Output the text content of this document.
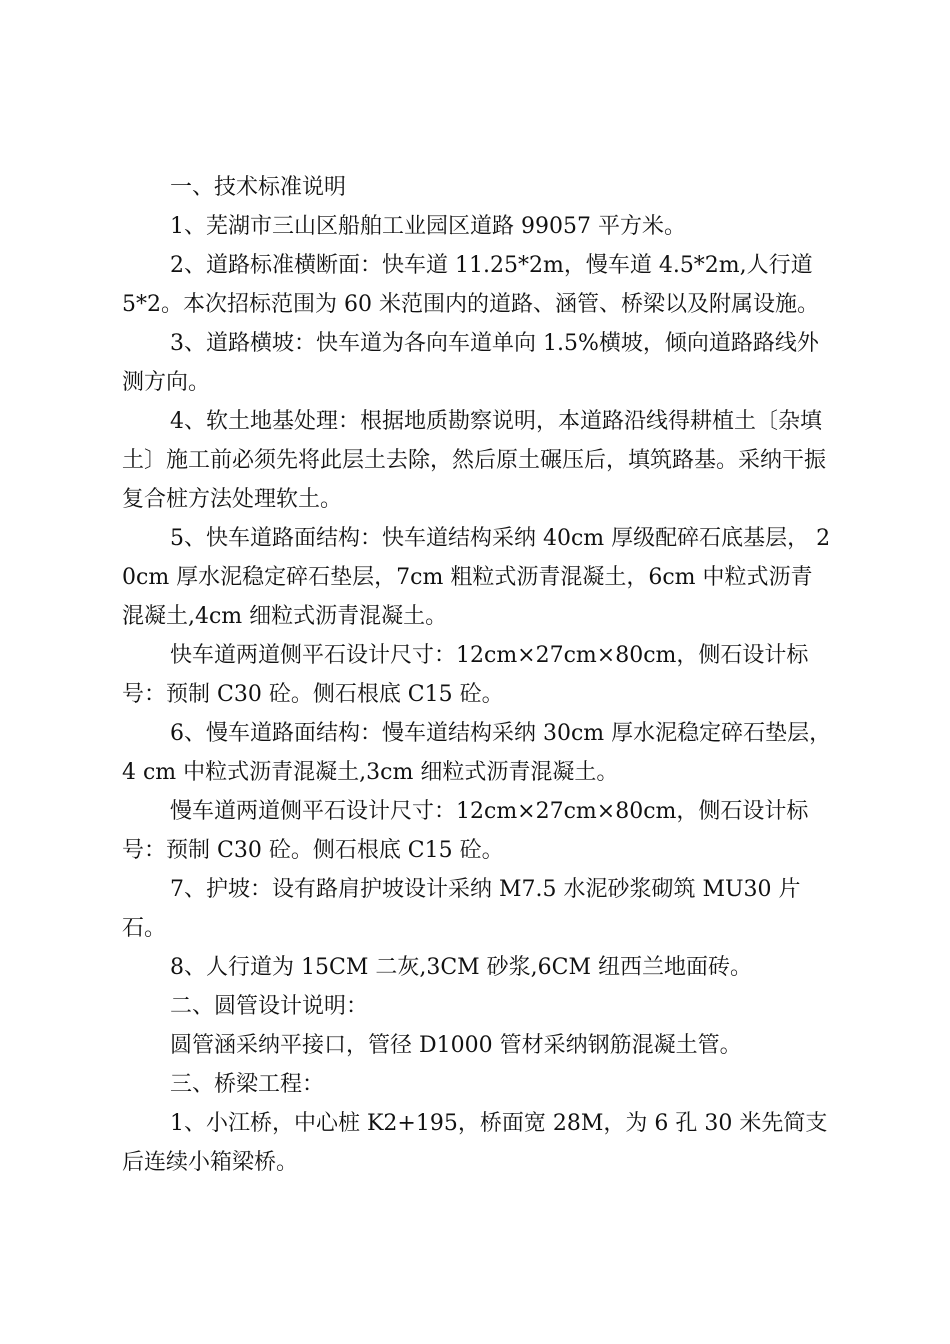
一、技术标准说明

1、芜湖市三山区船舶工业园区道路 99057 平方米。

2、道路标准横断面：快车道 11.25*2m，慢车道 4.5*2m,人行道 5*2。本次招标范围为 60 米范围内的道路、涵管、桥梁以及附属设施。

3、道路横坡：快车道为各向车道单向 1.5%横坡，倾向道路路线外测方向。

4、软土地基处理：根据地质勘察说明，本道路沿线得耕植土〔杂填土〕施工前必须先将此层土去除，然后原土碾压后，填筑路基。采纳干振复合桩方法处理软土。

5、快车道路面结构：快车道结构采纳 40cm 厚级配碎石底基层， 20cm 厚水泥稳定碎石垫层，7cm 粗粒式沥青混凝土，6cm 中粒式沥青混凝土,4cm 细粒式沥青混凝土。

快车道两道侧平石设计尺寸：12cm×27cm×80cm，侧石设计标号：预制 C30 砼。侧石根底 C15 砼。

6、慢车道路面结构：慢车道结构采纳 30cm 厚水泥稳定碎石垫层，4 cm 中粒式沥青混凝土,3cm 细粒式沥青混凝土。

慢车道两道侧平石设计尺寸：12cm×27cm×80cm，侧石设计标号：预制 C30 砼。侧石根底 C15 砼。

7、护坡：设有路肩护坡设计采纳 M7.5 水泥砂浆砌筑 MU30 片石。

8、人行道为 15CM 二灰,3CM 砂浆,6CM 纽西兰地面砖。

二、圆管设计说明：

圆管涵采纳平接口，管径 D1000 管材采纳钢筋混凝土管。

三、桥梁工程：

1、小江桥，中心桩 K2+195，桥面宽 28M，为 6 孔 30 米先简支后连续小箱梁桥。
